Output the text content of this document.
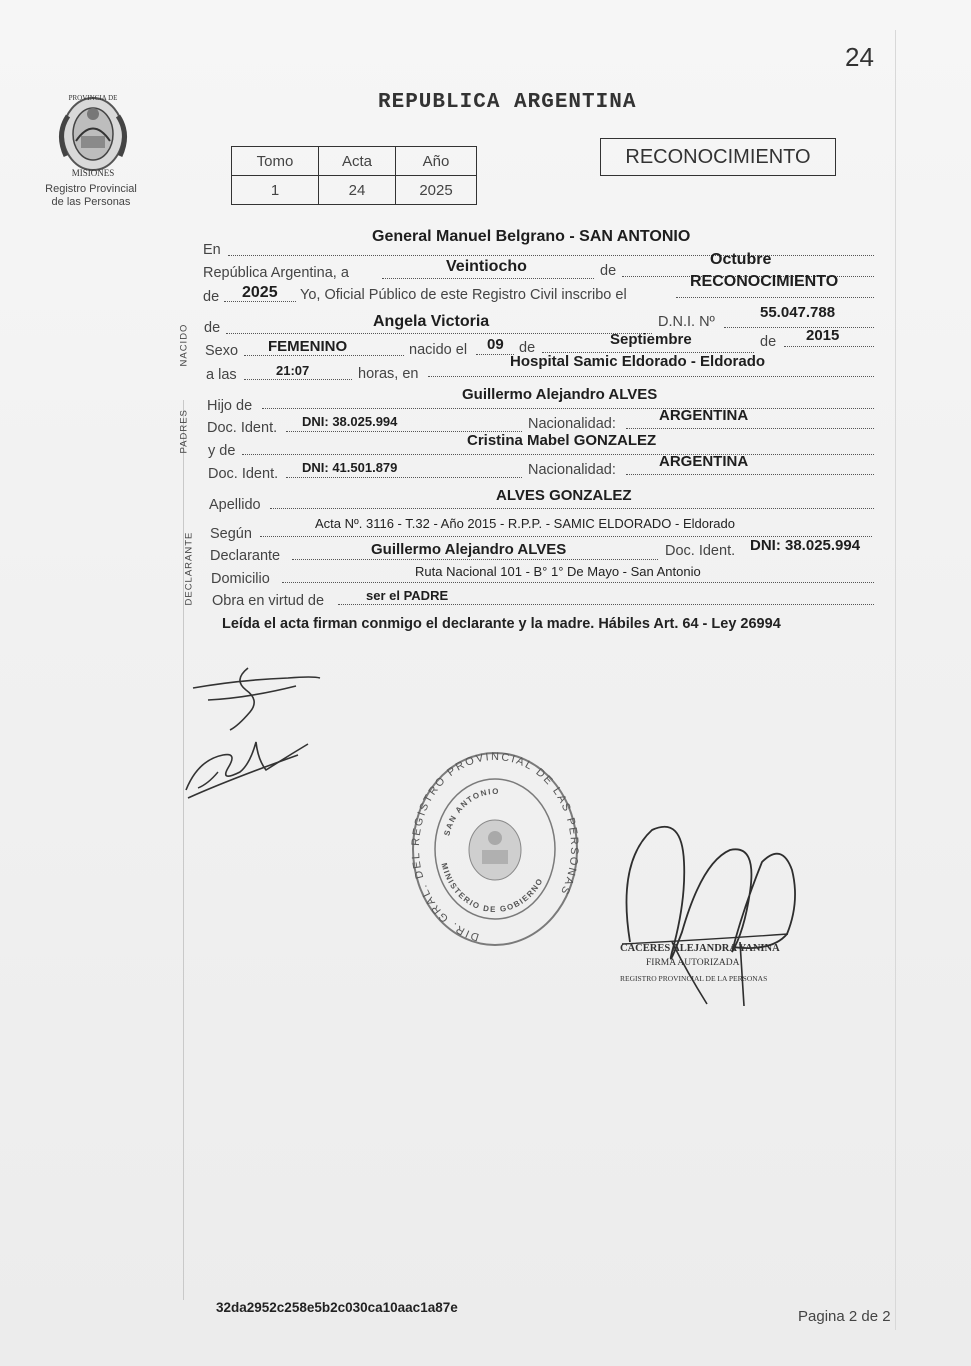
24
PROVINCIA DE
MISIONES
Registro Provincial
de las Personas
REPUBLICA ARGENTINA
Tomo	Acta	Año
1	24	2025
RECONOCIMIENTO
NACIDO
PADRES
DECLARANTE
En
General Manuel Belgrano - SAN ANTONIO
República Argentina, a	Veintiocho	de
Octubre
de 2025 Yo, Oficial Público de este Registro Civil inscribo el
RECONOCIMIENTO
de	Angela Victoria	D.N.I. Nº
55.047.788
Sexo FEMENINO	nacido el 09 de	Septiembre	de 2015
a las	21:07	horas, en
Hospital Samic Eldorado - Eldorado
Hijo de
Guillermo Alejandro ALVES
Doc. Ident. DNI: 38.025.994	Nacionalidad:	ARGENTINA
y de
Cristina Mabel GONZALEZ
Doc. Ident. DNI: 41.501.879	Nacionalidad:	ARGENTINA
Apellido
ALVES GONZALEZ
Según
Acta Nº. 3116 - T.32 - Año 2015 - R.P.P. - SAMIC ELDORADO - Eldorado
Declarante	Guillermo Alejandro ALVES	Doc. Ident. DNI: 38.025.994
Domicilio	Ruta Nacional 101 - B° 1° De Mayo - San Antonio
Obra en virtud de	ser el PADRE
Leída el acta firman conmigo el declarante y la madre. Hábiles Art. 64 - Ley 26994
DIR. GRAL. DEL REGISTRO PROVINCIAL DE LAS PERSONAS
SAN ANTONIO
MINISTERIO DE GOBIERNO
CACERES ALEJANDRA YANINA
FIRMA AUTORIZADA
REGISTRO PROVINCIAL DE LA PERSONAS
32da2952c258e5b2c030ca10aac1a87e
Pagina 2 de 2
